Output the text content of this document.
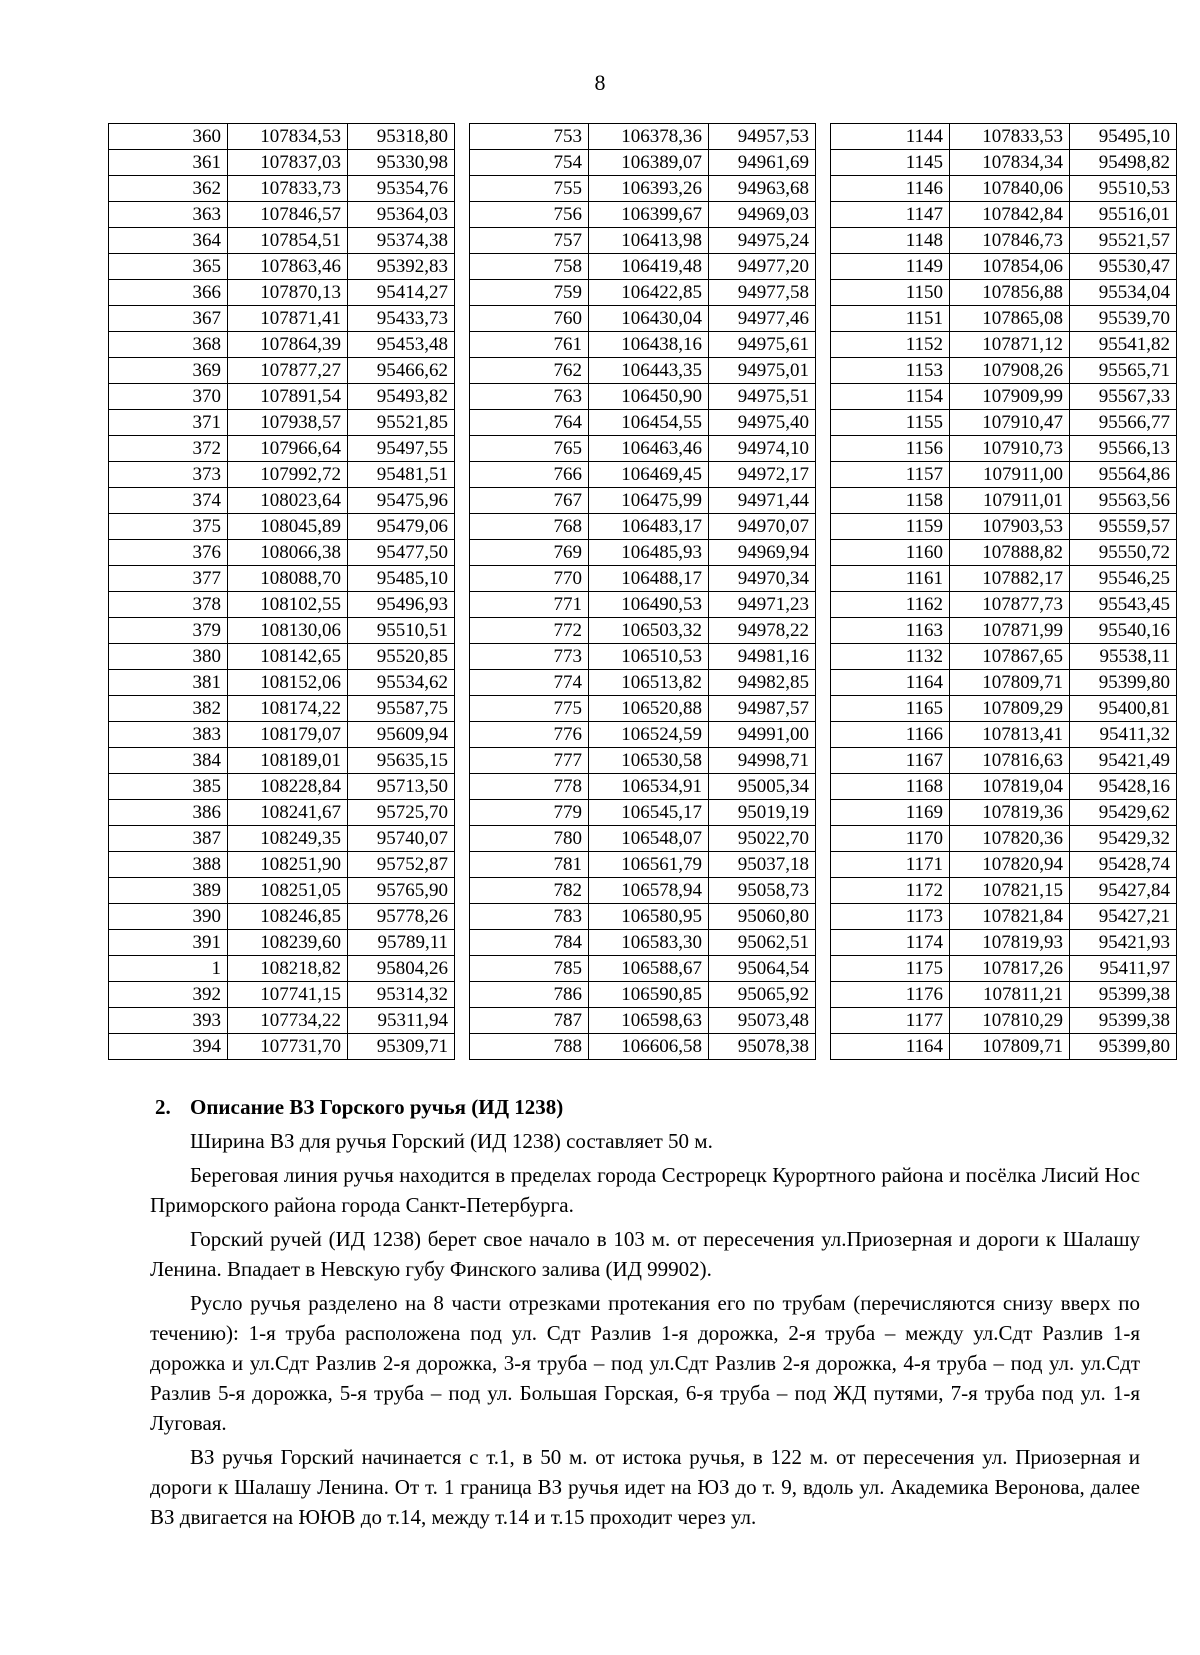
8
360	107834,53	95318,80
361	107837,03	95330,98
362	107833,73	95354,76
363	107846,57	95364,03
364	107854,51	95374,38
365	107863,46	95392,83
366	107870,13	95414,27
367	107871,41	95433,73
368	107864,39	95453,48
369	107877,27	95466,62
370	107891,54	95493,82
371	107938,57	95521,85
372	107966,64	95497,55
373	107992,72	95481,51
374	108023,64	95475,96
375	108045,89	95479,06
376	108066,38	95477,50
377	108088,70	95485,10
378	108102,55	95496,93
379	108130,06	95510,51
380	108142,65	95520,85
381	108152,06	95534,62
382	108174,22	95587,75
383	108179,07	95609,94
384	108189,01	95635,15
385	108228,84	95713,50
386	108241,67	95725,70
387	108249,35	95740,07
388	108251,90	95752,87
389	108251,05	95765,90
390	108246,85	95778,26
391	108239,60	95789,11
1	108218,82	95804,26
392	107741,15	95314,32
393	107734,22	95311,94
394	107731,70	95309,71
753	106378,36	94957,53
754	106389,07	94961,69
755	106393,26	94963,68
756	106399,67	94969,03
757	106413,98	94975,24
758	106419,48	94977,20
759	106422,85	94977,58
760	106430,04	94977,46
761	106438,16	94975,61
762	106443,35	94975,01
763	106450,90	94975,51
764	106454,55	94975,40
765	106463,46	94974,10
766	106469,45	94972,17
767	106475,99	94971,44
768	106483,17	94970,07
769	106485,93	94969,94
770	106488,17	94970,34
771	106490,53	94971,23
772	106503,32	94978,22
773	106510,53	94981,16
774	106513,82	94982,85
775	106520,88	94987,57
776	106524,59	94991,00
777	106530,58	94998,71
778	106534,91	95005,34
779	106545,17	95019,19
780	106548,07	95022,70
781	106561,79	95037,18
782	106578,94	95058,73
783	106580,95	95060,80
784	106583,30	95062,51
785	106588,67	95064,54
786	106590,85	95065,92
787	106598,63	95073,48
788	106606,58	95078,38
1144	107833,53	95495,10
1145	107834,34	95498,82
1146	107840,06	95510,53
1147	107842,84	95516,01
1148	107846,73	95521,57
1149	107854,06	95530,47
1150	107856,88	95534,04
1151	107865,08	95539,70
1152	107871,12	95541,82
1153	107908,26	95565,71
1154	107909,99	95567,33
1155	107910,47	95566,77
1156	107910,73	95566,13
1157	107911,00	95564,86
1158	107911,01	95563,56
1159	107903,53	95559,57
1160	107888,82	95550,72
1161	107882,17	95546,25
1162	107877,73	95543,45
1163	107871,99	95540,16
1132	107867,65	95538,11
1164	107809,71	95399,80
1165	107809,29	95400,81
1166	107813,41	95411,32
1167	107816,63	95421,49
1168	107819,04	95428,16
1169	107819,36	95429,62
1170	107820,36	95429,32
1171	107820,94	95428,74
1172	107821,15	95427,84
1173	107821,84	95427,21
1174	107819,93	95421,93
1175	107817,26	95411,97
1176	107811,21	95399,38
1177	107810,29	95399,38
1164	107809,71	95399,80

2. Описание ВЗ Горского ручья (ИД 1238)

Ширина ВЗ для ручья Горский (ИД 1238) составляет 50 м.

Береговая линия ручья находится в пределах города Сестрорецк Курортного района и посёлка Лисий Нос Приморского района города Санкт-Петербурга.

Горский ручей (ИД 1238) берет свое начало в 103 м. от пересечения ул.Приозерная и дороги к Шалашу Ленина. Впадает в Невскую губу Финского залива (ИД 99902).

Русло ручья разделено на 8 части отрезками протекания его по трубам (перечисляются снизу вверх по течению): 1-я труба расположена под ул. Сдт Разлив 1-я дорожка, 2-я труба – между ул.Сдт Разлив 1-я дорожка и ул.Сдт Разлив 2-я дорожка, 3-я труба – под ул.Сдт Разлив 2-я дорожка, 4-я труба – под ул. ул.Сдт Разлив 5-я дорожка, 5-я труба – под ул. Большая Горская, 6-я труба – под ЖД путями, 7-я труба под ул. 1-я Луговая.

ВЗ ручья Горский начинается с т.1, в 50 м. от истока ручья, в 122 м. от пересечения ул. Приозерная и дороги к Шалашу Ленина. От т. 1 граница ВЗ ручья идет на ЮЗ до т. 9, вдоль ул. Академика Веронова, далее ВЗ двигается на ЮЮВ до т.14, между т.14 и т.15 проходит через ул.
